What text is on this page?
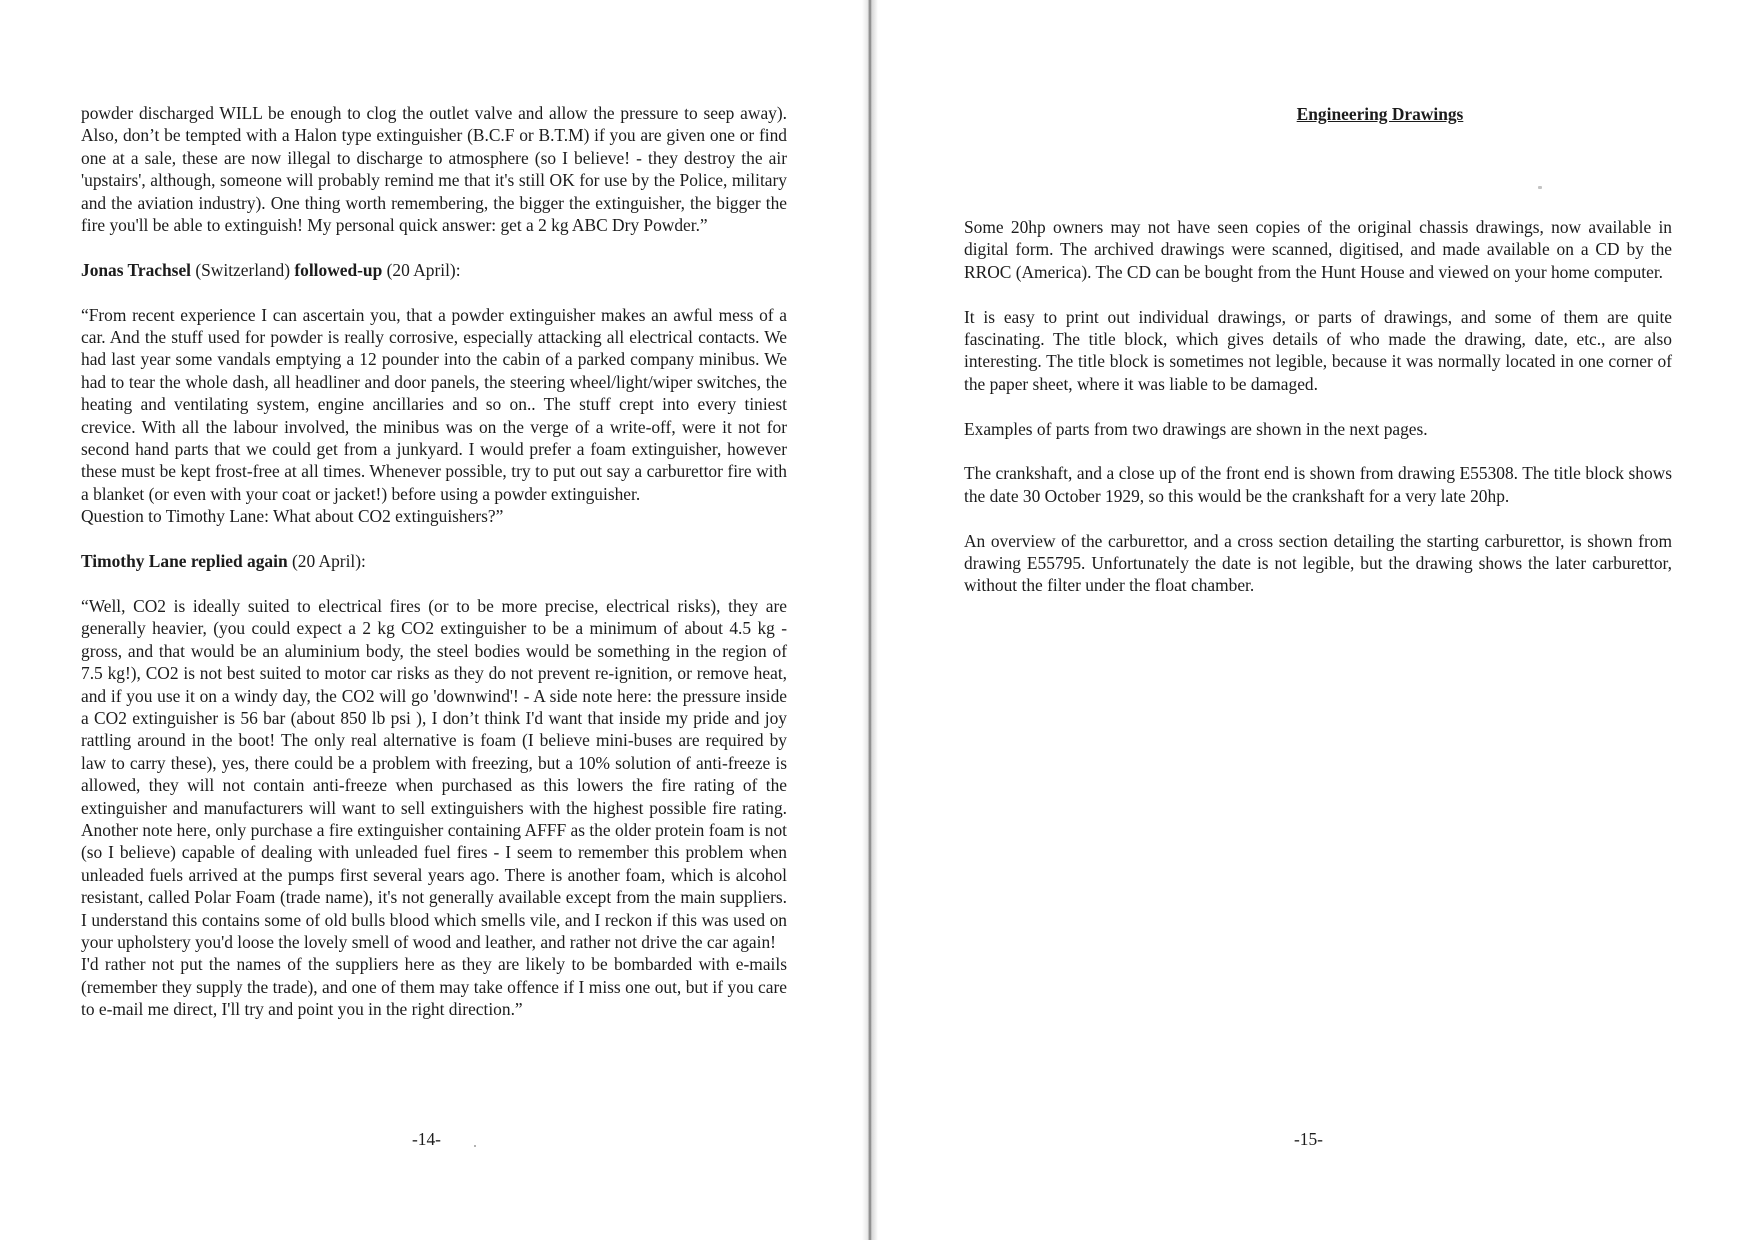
powder discharged WILL be enough to clog the outlet valve and allow the pressure to seep away). Also, don’t be tempted with a Halon type extinguisher (B.C.F or B.T.M) if you are given one or find one at a sale, these are now illegal to discharge to atmosphere (so I believe! - they destroy the air 'upstairs', although, someone will probably remind me that it's still OK for use by the Police, military and the aviation industry). One thing worth remembering, the bigger the extinguisher, the bigger the fire you'll be able to extinguish! My personal quick answer: get a 2 kg ABC Dry Powder.”

Jonas Trachsel (Switzerland) followed-up (20 April):

“From recent experience I can ascertain you, that a powder extinguisher makes an awful mess of a car. And the stuff used for powder is really corrosive, especially attacking all electrical contacts. We had last year some vandals emptying a 12 pounder into the cabin of a parked company minibus. We had to tear the whole dash, all headliner and door panels, the steering wheel/light/wiper switches, the heating and ventilating system, engine ancillaries and so on.. The stuff crept into every tiniest crevice. With all the labour involved, the minibus was on the verge of a write-off, were it not for second hand parts that we could get from a junkyard. I would prefer a foam extinguisher, however these must be kept frost-free at all times. Whenever possible, try to put out say a carburettor fire with a blanket (or even with your coat or jacket!) before using a powder extinguisher.

Question to Timothy Lane: What about CO2 extinguishers?”

Timothy Lane replied again (20 April):

“Well, CO2 is ideally suited to electrical fires (or to be more precise, electrical risks), they are generally heavier, (you could expect a 2 kg CO2 extinguisher to be a minimum of about 4.5 kg - gross, and that would be an aluminium body, the steel bodies would be something in the region of 7.5 kg!), CO2 is not best suited to motor car risks as they do not prevent re-ignition, or remove heat, and if you use it on a windy day, the CO2 will go 'downwind'! - A side note here: the pressure inside a CO2 extinguisher is 56 bar (about 850 lb psi ), I don’t think I'd want that inside my pride and joy rattling around in the boot! The only real alternative is foam (I believe mini-buses are required by law to carry these), yes, there could be a problem with freezing, but a 10% solution of anti-freeze is allowed, they will not contain anti-freeze when purchased as this lowers the fire rating of the extinguisher and manufacturers will want to sell extinguishers with the highest possible fire rating. Another note here, only purchase a fire extinguisher containing AFFF as the older protein foam is not (so I believe) capable of dealing with unleaded fuel fires - I seem to remember this problem when unleaded fuels arrived at the pumps first several years ago. There is another foam, which is alcohol resistant, called Polar Foam (trade name), it's not generally available except from the main suppliers. I understand this contains some of old bulls blood which smells vile, and I reckon if this was used on your upholstery you'd loose the lovely smell of wood and leather, and rather not drive the car again!

I'd rather not put the names of the suppliers here as they are likely to be bombarded with e-mails (remember they supply the trade), and one of them may take offence if I miss one out, but if you care to e-mail me direct, I'll try and point you in the right direction.”

-14-
Engineering Drawings

Some 20hp owners may not have seen copies of the original chassis drawings, now available in digital form. The archived drawings were scanned, digitised, and made available on a CD by the RROC (America). The CD can be bought from the Hunt House and viewed on your home computer.

It is easy to print out individual drawings, or parts of drawings, and some of them are quite fascinating. The title block, which gives details of who made the drawing, date, etc., are also interesting. The title block is sometimes not legible, because it was normally located in one corner of the paper sheet, where it was liable to be damaged.

Examples of parts from two drawings are shown in the next pages.

The crankshaft, and a close up of the front end is shown from drawing E55308. The title block shows the date 30 October 1929, so this would be the crankshaft for a very late 20hp.

An overview of the carburettor, and a cross section detailing the starting carburettor, is shown from drawing E55795. Unfortunately the date is not legible, but the drawing shows the later carburettor, without the filter under the float chamber.

-15-
